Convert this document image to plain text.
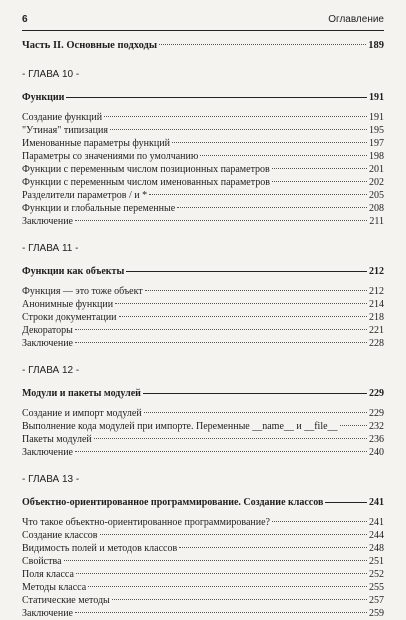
6	Оглавление
Часть II. Основные подходы	189
- ГЛАВА 10 -
Функции	191
Создание функций	191
"Утиная" типизация	195
Именованные параметры функций	197
Параметры со значениями по умолчанию	198
Функции с переменным числом позиционных параметров	201
Функции с переменным числом именованных параметров	202
Разделители параметров / и *	205
Функции и глобальные переменные	208
Заключение	211
- ГЛАВА 11 -
Функции как объекты	212
Функция — это тоже объект	212
Анонимные функции	214
Строки документации	218
Декораторы	221
Заключение	228
- ГЛАВА 12 -
Модули и пакеты модулей	229
Создание и импорт модулей	229
Выполнение кода модулей при импорте. Переменные __name__ и __file__	232
Пакеты модулей	236
Заключение	240
- ГЛАВА 13 -
Объектно-ориентированное программирование. Создание классов	241
Что такое объектно-ориентированное программирование?	241
Создание классов	244
Видимость полей и методов классов	248
Свойства	251
Поля класса	252
Методы класса	255
Статические методы	257
Заключение	259
